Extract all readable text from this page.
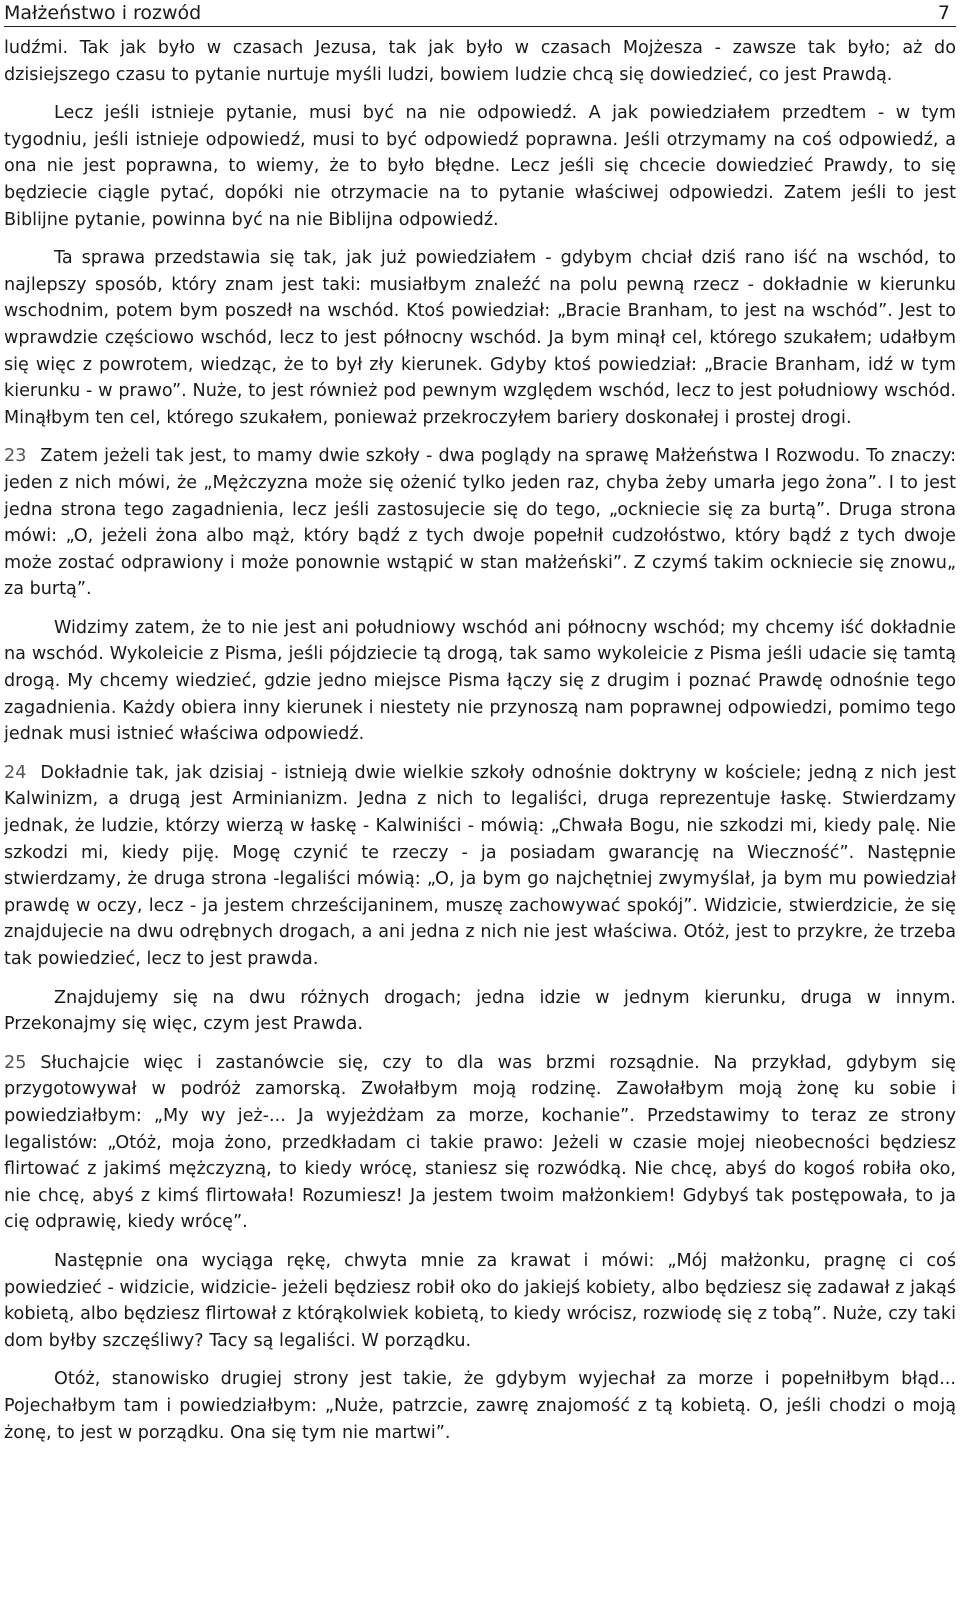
Małżeństwo i rozwód	7

ludźmi. Tak jak było w czasach Jezusa, tak jak było w czasach Mojżesza - zawsze tak było; aż do dzisiejszego czasu to pytanie nurtuje myśli ludzi, bowiem ludzie chcą się dowiedzieć, co jest Prawdą.

Lecz jeśli istnieje pytanie, musi być na nie odpowiedź. A jak powiedziałem przedtem - w tym tygodniu, jeśli istnieje odpowiedź, musi to być odpowiedź poprawna. Jeśli otrzymamy na coś odpowiedź, a ona nie jest poprawna, to wiemy, że to było błędne. Lecz jeśli się chcecie dowiedzieć Prawdy, to się będziecie ciągle pytać, dopóki nie otrzymacie na to pytanie właściwej odpowiedzi. Zatem jeśli to jest Biblijne pytanie, powinna być na nie Biblijna odpowiedź.

Ta sprawa przedstawia się tak, jak już powiedziałem - gdybym chciał dziś rano iść na wschód, to najlepszy sposób, który znam jest taki: musiałbym znaleźć na polu pewną rzecz - dokładnie w kierunku wschodnim, potem bym poszedł na wschód. Ktoś powiedział: „Bracie Branham, to jest na wschód”. Jest to wprawdzie częściowo wschód, lecz to jest północny wschód. Ja bym minął cel, którego szukałem; udałbym się więc z powrotem, wiedząc, że to był zły kierunek. Gdyby ktoś powiedział: „Bracie Branham, idź w tym kierunku - w prawo”. Nuże, to jest również pod pewnym względem wschód, lecz to jest południowy wschód. Minąłbym ten cel, którego szukałem, ponieważ przekroczyłem bariery doskonałej i prostej drogi.

23 Zatem jeżeli tak jest, to mamy dwie szkoły - dwa poglądy na sprawę Małżeństwa I Rozwodu. To znaczy: jeden z nich mówi, że „Mężczyzna może się ożenić tylko jeden raz, chyba żeby umarła jego żona”. I to jest jedna strona tego zagadnienia, lecz jeśli zastosujecie się do tego, „ockniecie się za burtą”. Druga strona mówi: „O, jeżeli żona albo mąż, który bądź z tych dwoje popełnił cudzołóstwo, który bądź z tych dwoje może zostać odprawiony i może ponownie wstąpić w stan małżeński”. Z czymś takim ockniecie się znowu„ za burtą”.

Widzimy zatem, że to nie jest ani południowy wschód ani północny wschód; my chcemy iść dokładnie na wschód. Wykoleicie z Pisma, jeśli pójdziecie tą drogą, tak samo wykoleicie z Pisma jeśli udacie się tamtą drogą. My chcemy wiedzieć, gdzie jedno miejsce Pisma łączy się z drugim i poznać Prawdę odnośnie tego zagadnienia. Każdy obiera inny kierunek i niestety nie przynoszą nam poprawnej odpowiedzi, pomimo tego jednak musi istnieć właściwa odpowiedź.

24 Dokładnie tak, jak dzisiaj - istnieją dwie wielkie szkoły odnośnie doktryny w kościele; jedną z nich jest Kalwinizm, a drugą jest Arminianizm. Jedna z nich to legaliści, druga reprezentuje łaskę. Stwierdzamy jednak, że ludzie, którzy wierzą w łaskę - Kalwiniści - mówią: „Chwała Bogu, nie szkodzi mi, kiedy palę. Nie szkodzi mi, kiedy piję. Mogę czynić te rzeczy - ja posiadam gwarancję na Wieczność”. Następnie stwierdzamy, że druga strona -legaliści mówią: „O, ja bym go najchętniej zwymyślał, ja bym mu powiedział prawdę w oczy, lecz - ja jestem chrześcijaninem, muszę zachowywać spokój”. Widzicie, stwierdzicie, że się znajdujecie na dwu odrębnych drogach, a ani jedna z nich nie jest właściwa. Otóż, jest to przykre, że trzeba tak powiedzieć, lecz to jest prawda.

Znajdujemy się na dwu różnych drogach; jedna idzie w jednym kierunku, druga w innym. Przekonajmy się więc, czym jest Prawda.

25 Słuchajcie więc i zastanówcie się, czy to dla was brzmi rozsądnie. Na przykład, gdybym się przygotowywał w podróż zamorską. Zwołałbym moją rodzinę. Zawołałbym moją żonę ku sobie i powiedziałbym: „My wy jeż-... Ja wyjeżdżam za morze, kochanie”. Przedstawimy to teraz ze strony legalistów: „Otóż, moja żono, przedkładam ci takie prawo: Jeżeli w czasie mojej nieobecności będziesz flirtować z jakimś mężczyzną, to kiedy wrócę, staniesz się rozwódką. Nie chcę, abyś do kogoś robiła oko, nie chcę, abyś z kimś flirtowała! Rozumiesz! Ja jestem twoim małżonkiem! Gdybyś tak postępowała, to ja cię odprawię, kiedy wrócę”.

Następnie ona wyciąga rękę, chwyta mnie za krawat i mówi: „Mój małżonku, pragnę ci coś powiedzieć - widzicie, widzicie- jeżeli będziesz robił oko do jakiejś kobiety, albo będziesz się zadawał z jakąś kobietą, albo będziesz flirtował z którąkolwiek kobietą, to kiedy wrócisz, rozwiodę się z tobą”. Nuże, czy taki dom byłby szczęśliwy? Tacy są legaliści. W porządku.

Otóż, stanowisko drugiej strony jest takie, że gdybym wyjechał za morze i popełniłbym błąd... Pojechałbym tam i powiedziałbym: „Nuże, patrzcie, zawrę znajomość z tą kobietą. O, jeśli chodzi o moją żonę, to jest w porządku. Ona się tym nie martwi”.
